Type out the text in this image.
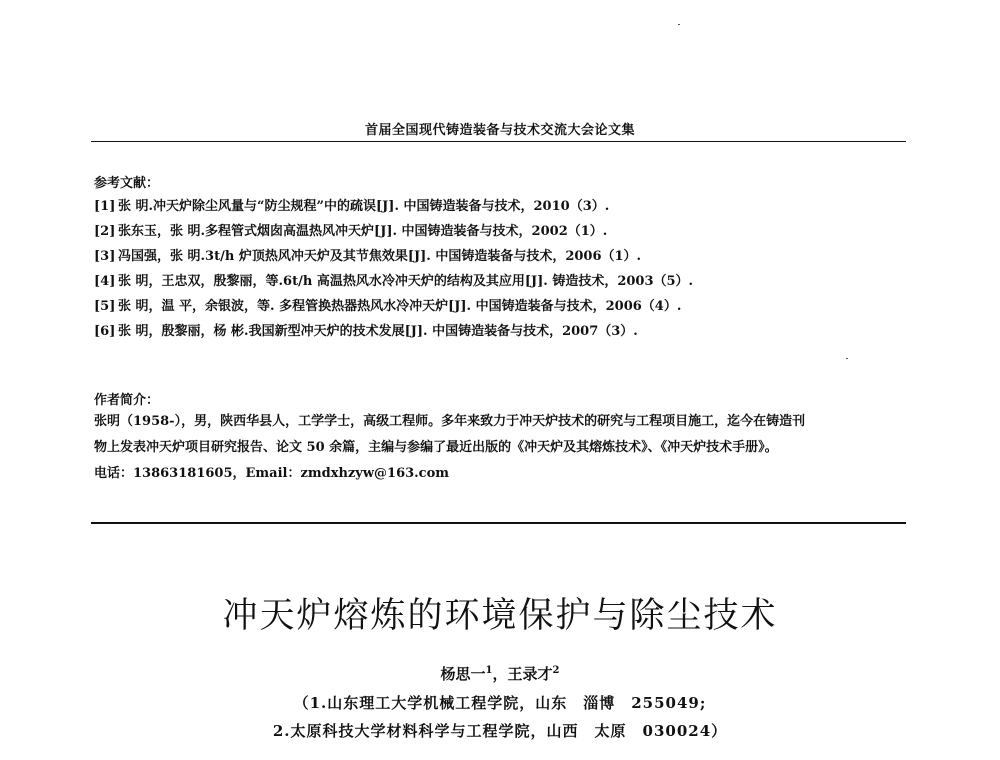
首届全国现代铸造装备与技术交流大会论文集
参考文献：
[1] 张 明.冲天炉除尘风量与“防尘规程”中的疏误[J]. 中国铸造装备与技术，2010（3）.
[2] 张东玉，张 明.多程管式烟囱高温热风冲天炉[J]. 中国铸造装备与技术，2002（1）.
[3] 冯国强，张 明.3t/h 炉顶热风冲天炉及其节焦效果[J]. 中国铸造装备与技术，2006（1）.
[4] 张 明，王忠双，殷黎丽，等.6t/h 高温热风水冷冲天炉的结构及其应用[J]. 铸造技术，2003（5）.
[5] 张 明，温 平，余银波，等. 多程管换热器热风水冷冲天炉[J]. 中国铸造装备与技术，2006（4）.
[6] 张 明，殷黎丽，杨 彬.我国新型冲天炉的技术发展[J]. 中国铸造装备与技术，2007（3）.
作者简介：
张明（1958-），男，陕西华县人，工学学士，高级工程师。多年来致力于冲天炉技术的研究与工程项目施工，迄今在铸造刊
物上发表冲天炉项目研究报告、论文 50 余篇，主编与参编了最近出版的《冲天炉及其熔炼技术》、《冲天炉技术手册》。
电话：13863181605，Email：zmdxhzyw@163.com
冲天炉熔炼的环境保护与除尘技术
杨思一$^1$，王录才$^2$
（1.山东理工大学机械工程学院，山东　淄博　255049;
2.太原科技大学材料科学与工程学院，山西　太原　030024）
